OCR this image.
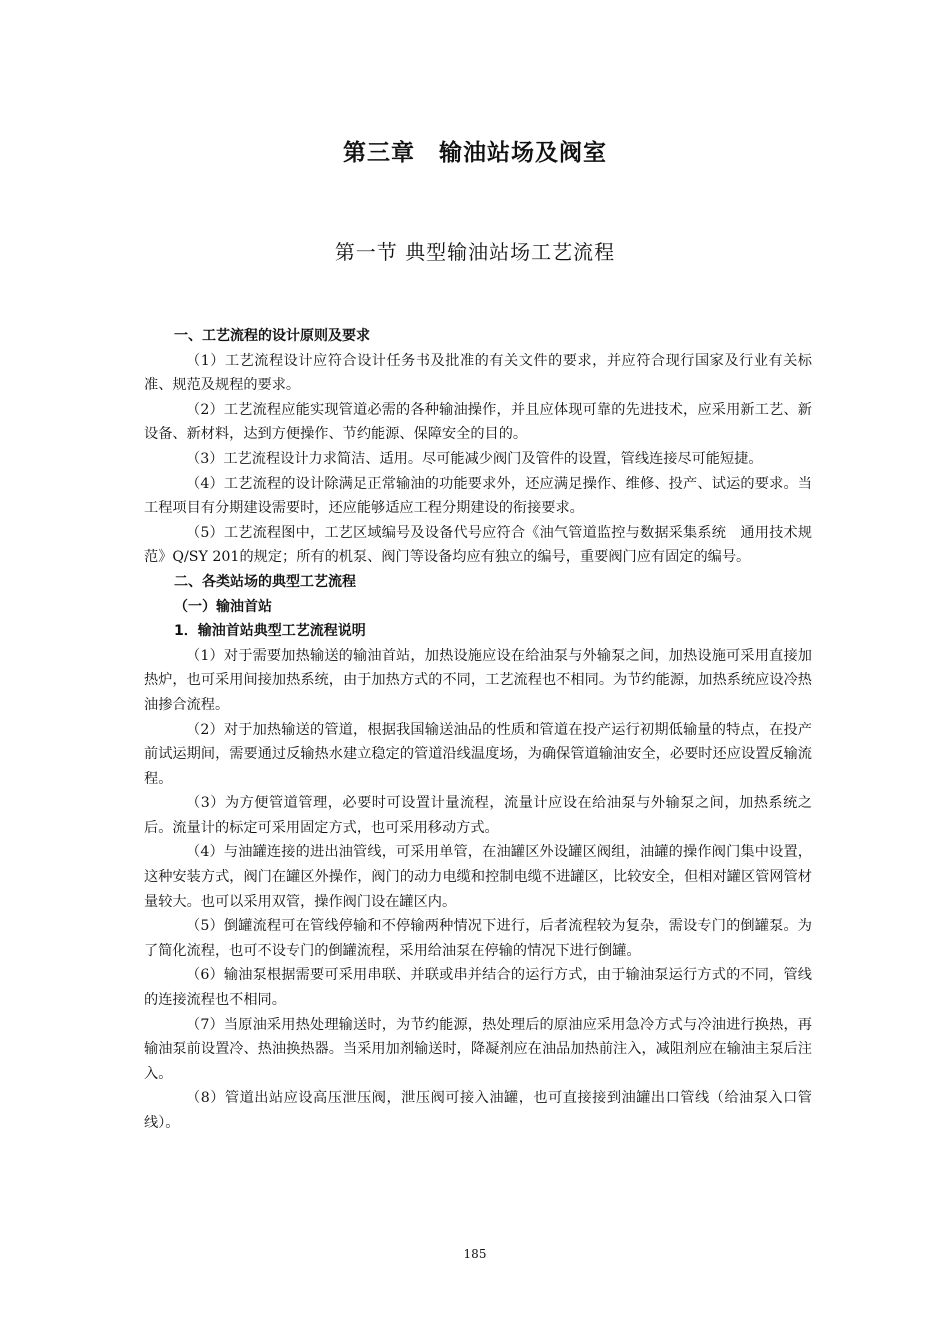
第三章　输油站场及阀室
第一节 典型输油站场工艺流程

一、工艺流程的设计原则及要求

（1）工艺流程设计应符合设计任务书及批准的有关文件的要求，并应符合现行国家及行业有关标准、规范及规程的要求。

（2）工艺流程应能实现管道必需的各种输油操作，并且应体现可靠的先进技术，应采用新工艺、新设备、新材料，达到方便操作、节约能源、保障安全的目的。

（3）工艺流程设计力求简洁、适用。尽可能减少阀门及管件的设置，管线连接尽可能短捷。

（4）工艺流程的设计除满足正常输油的功能要求外，还应满足操作、维修、投产、试运的要求。当工程项目有分期建设需要时，还应能够适应工程分期建设的衔接要求。

（5）工艺流程图中，工艺区域编号及设备代号应符合《油气管道监控与数据采集系统　通用技术规范》Q/SY 201的规定；所有的机泵、阀门等设备均应有独立的编号，重要阀门应有固定的编号。

二、各类站场的典型工艺流程

（一）输油首站

1．输油首站典型工艺流程说明

（1）对于需要加热输送的输油首站，加热设施应设在给油泵与外输泵之间，加热设施可采用直接加热炉，也可采用间接加热系统，由于加热方式的不同，工艺流程也不相同。为节约能源，加热系统应设冷热油掺合流程。

（2）对于加热输送的管道，根据我国输送油品的性质和管道在投产运行初期低输量的特点，在投产前试运期间，需要通过反输热水建立稳定的管道沿线温度场，为确保管道输油安全，必要时还应设置反输流程。

（3）为方便管道管理，必要时可设置计量流程，流量计应设在给油泵与外输泵之间，加热系统之后。流量计的标定可采用固定方式，也可采用移动方式。

（4）与油罐连接的进出油管线，可采用单管，在油罐区外设罐区阀组，油罐的操作阀门集中设置，这种安装方式，阀门在罐区外操作，阀门的动力电缆和控制电缆不进罐区，比较安全，但相对罐区管网管材量较大。也可以采用双管，操作阀门设在罐区内。

（5）倒罐流程可在管线停输和不停输两种情况下进行，后者流程较为复杂，需设专门的倒罐泵。为了简化流程，也可不设专门的倒罐流程，采用给油泵在停输的情况下进行倒罐。

（6）输油泵根据需要可采用串联、并联或串并结合的运行方式，由于输油泵运行方式的不同，管线的连接流程也不相同。

（7）当原油采用热处理输送时，为节约能源，热处理后的原油应采用急冷方式与冷油进行换热，再输油泵前设置冷、热油换热器。当采用加剂输送时，降凝剂应在油品加热前注入，减阻剂应在输油主泵后注入。

（8）管道出站应设高压泄压阀，泄压阀可接入油罐，也可直接接到油罐出口管线（给油泵入口管线）。

185
